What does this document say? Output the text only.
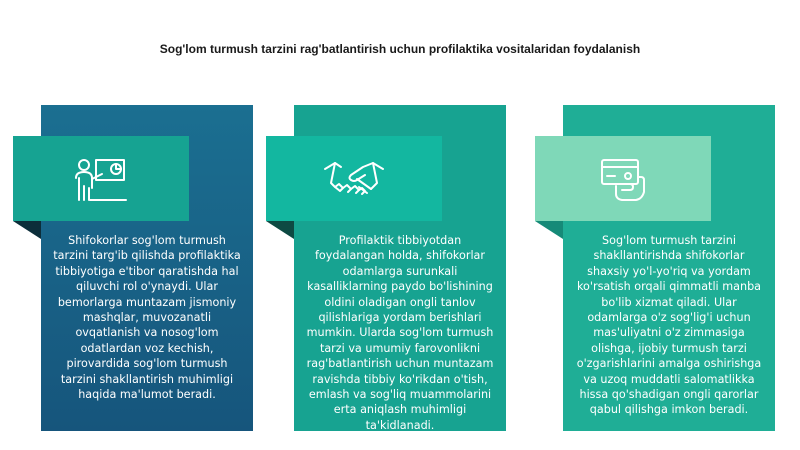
Sog'lom turmush tarzini rag'batlantirish uchun profilaktika vositalaridan foydalanish
Shifokorlar sog'lom turmush tarzini targ'ib qilishda profilaktika tibbiyotiga e'tibor qaratishda hal qiluvchi rol o'ynaydi. Ular bemorlarga muntazam jismoniy mashqlar, muvozanatli ovqatlanish va nosog'lom odatlardan voz kechish, pirovardida sog'lom turmush tarzini shakllantirish muhimligi haqida ma'lumot beradi.
Profilaktik tibbiyotdan foydalangan holda, shifokorlar odamlarga surunkali kasalliklarning paydo bo'lishining oldini oladigan ongli tanlov qilishlariga yordam berishlari mumkin. Ularda sog'lom turmush tarzi va umumiy farovonlikni rag'batlantirish uchun muntazam ravishda tibbiy ko'rikdan o'tish, emlash va sog'liq muammolarini erta aniqlash muhimligi ta'kidlanadi.
Sog'lom turmush tarzini shakllantirishda shifokorlar shaxsiy yo'l-yo'riq va yordam ko'rsatish orqali qimmatli manba bo'lib xizmat qiladi. Ular odamlarga o'z sog'lig'i uchun mas'uliyatni o'z zimmasiga olishga, ijobiy turmush tarzi o'zgarishlarini amalga oshirishga va uzoq muddatli salomatlikka hissa qo'shadigan ongli qarorlar qabul qilishga imkon beradi.
